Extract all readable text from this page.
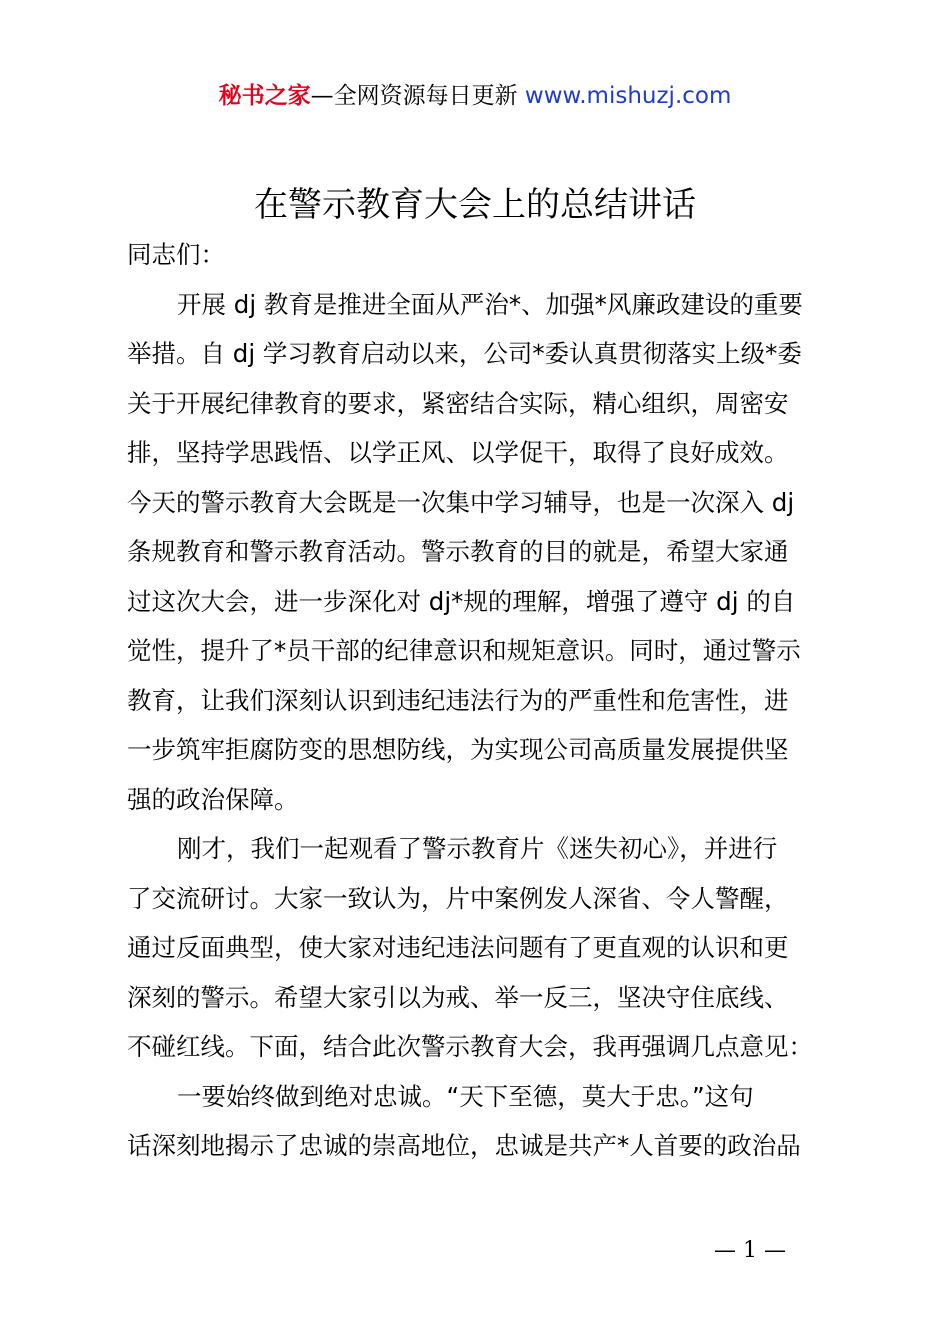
秘书之家—全网资源每日更新 www.mishuzj.com
在警示教育大会上的总结讲话
同志们：
开展 dj 教育是推进全面从严治*、加强*风廉政建设的重要
举措。自 dj 学习教育启动以来，公司*委认真贯彻落实上级*委
关于开展纪律教育的要求，紧密结合实际，精心组织，周密安
排，坚持学思践悟、以学正风、以学促干，取得了良好成效。
今天的警示教育大会既是一次集中学习辅导，也是一次深入 dj
条规教育和警示教育活动。警示教育的目的就是，希望大家通
过这次大会，进一步深化对 dj*规的理解，增强了遵守 dj 的自
觉性，提升了*员干部的纪律意识和规矩意识。同时，通过警示
教育，让我们深刻认识到违纪违法行为的严重性和危害性，进
一步筑牢拒腐防变的思想防线，为实现公司高质量发展提供坚
强的政治保障。
刚才，我们一起观看了警示教育片《迷失初心》，并进行
了交流研讨。大家一致认为，片中案例发人深省、令人警醒，
通过反面典型，使大家对违纪违法问题有了更直观的认识和更
深刻的警示。希望大家引以为戒、举一反三，坚决守住底线、
不碰红线。下面，结合此次警示教育大会，我再强调几点意见：
一要始终做到绝对忠诚。“天下至德，莫大于忠。”这句
话深刻地揭示了忠诚的崇高地位，忠诚是共产*人首要的政治品
— 1 —
